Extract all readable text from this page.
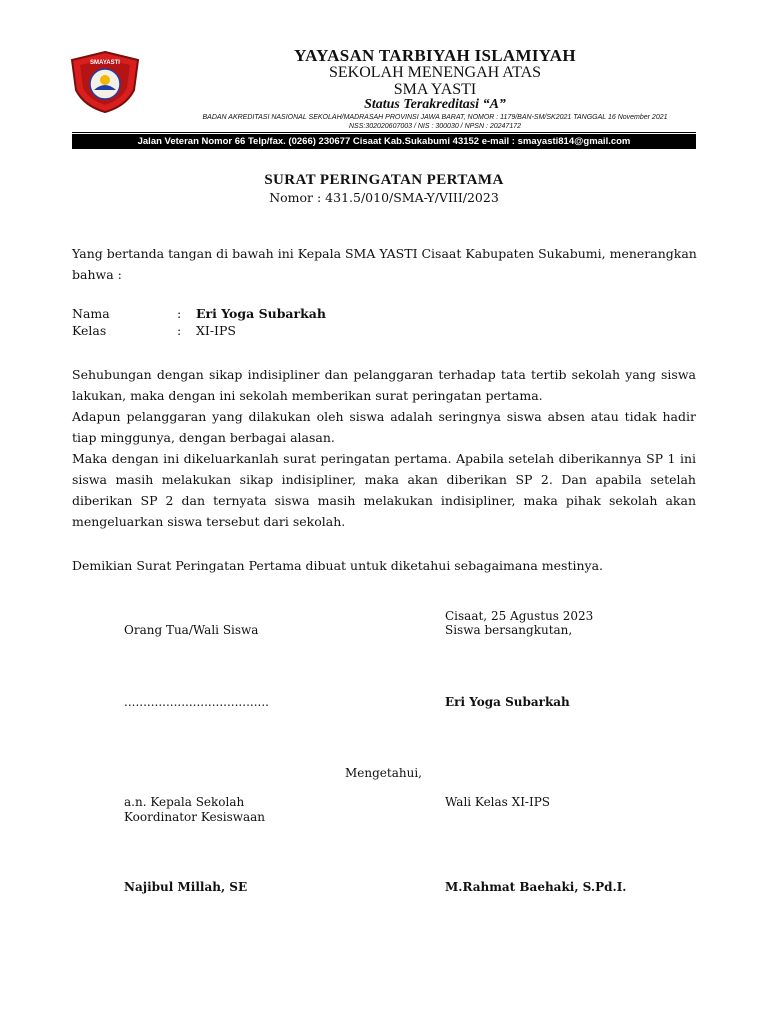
SMAYASTI	YAYASAN TARBIYAH ISLAMIYAH
SEKOLAH MENENGAH ATAS
SMA YASTI
Status Terakreditasi “A”
BADAN AKREDITASI NASIONAL SEKOLAH/MADRASAH PROVINSI JAWA BARAT, NOMOR : 1179/BAN-SM/SK2021 TANGGAL 16 November 2021
NSS:302020607003 / NIS : 300030 / NPSN : 20247172
Jalan Veteran Nomor 66 Telp/fax. (0266) 230677 Cisaat Kab.Sukabumi 43152 e-mail : smayasti814@gmail.com
SURAT PERINGATAN PERTAMA
Nomor : 431.5/010/SMA-Y/VIII/2023
Yang bertanda tangan di bawah ini Kepala SMA YASTI Cisaat Kabupaten Sukabumi, menerangkan
bahwa :
Nama	: Eri Yoga Subarkah
Kelas	: XI-IPS
Sehubungan dengan sikap indisipliner dan pelanggaran terhadap tata tertib sekolah yang siswa lakukan, maka dengan ini sekolah memberikan surat peringatan pertama.
Adapun pelanggaran yang dilakukan oleh siswa adalah seringnya siswa absen atau tidak hadir tiap minggunya, dengan berbagai alasan.
Maka dengan ini dikeluarkanlah surat peringatan pertama. Apabila setelah diberikannya SP 1 ini siswa masih melakukan sikap indisipliner, maka akan diberikan SP 2. Dan apabila setelah diberikan SP 2 dan ternyata siswa masih melakukan indisipliner, maka pihak sekolah akan mengeluarkan siswa tersebut dari sekolah.
Demikian Surat Peringatan Pertama dibuat untuk diketahui sebagaimana mestinya.
Cisaat, 25 Agustus 2023
Orang Tua/Wali Siswa	Siswa bersangkutan,
......................................	Eri Yoga Subarkah
Mengetahui,
a.n. Kepala Sekolah
Koordinator Kesiswaan
Wali Kelas XI-IPS
Najibul Millah, SE	M.Rahmat Baehaki, S.Pd.I.
